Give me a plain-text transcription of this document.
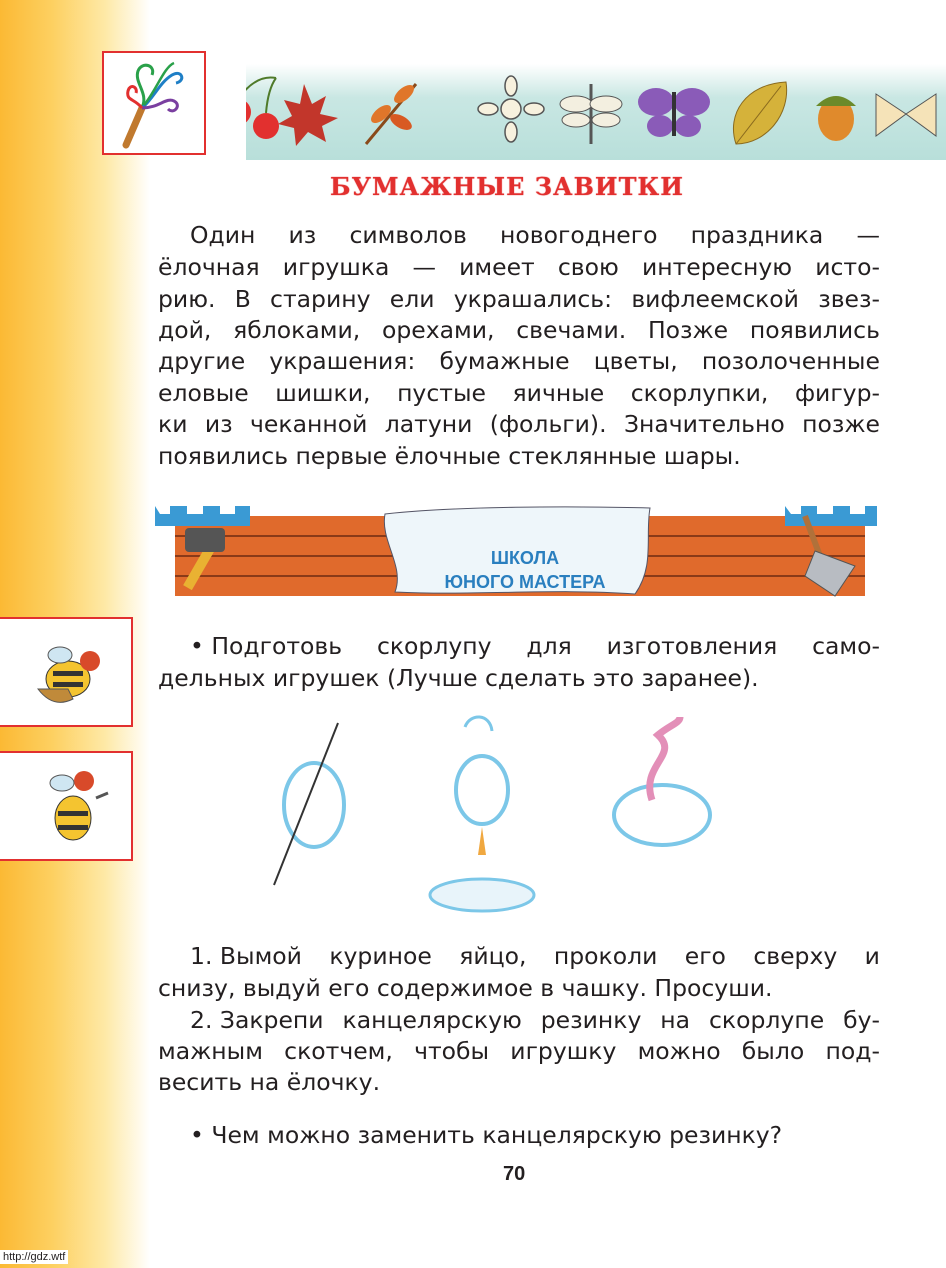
БУМАЖНЫЕ ЗАВИТКИ
Один из символов новогоднего праздника —
ёлочная игрушка — имеет свою интересную исто-
рию. В старину ели украшались: вифлеемской звез-
дой, яблоками, орехами, свечами. Позже появились
другие украшения: бумажные цветы, позолоченные
еловые шишки, пустые яичные скорлупки, фигур-
ки из чеканной латуни (фольги). Значительно позже
появились первые ёлочные стеклянные шары.
ШКОЛА
ЮНОГО МАСТЕРА
• Подготовь скорлупу для изготовления само-
дельных игрушек (Лучше сделать это заранее).
1. Вымой куриное яйцо, проколи его сверху и
снизу, выдуй его содержимое в чашку. Просуши.
2. Закрепи канцелярскую резинку на скорлупе бу-
мажным скотчем, чтобы игрушку можно было под-
весить на ёлочку.
• Чем можно заменить канцелярскую резинку?
70
http://gdz.wtf
